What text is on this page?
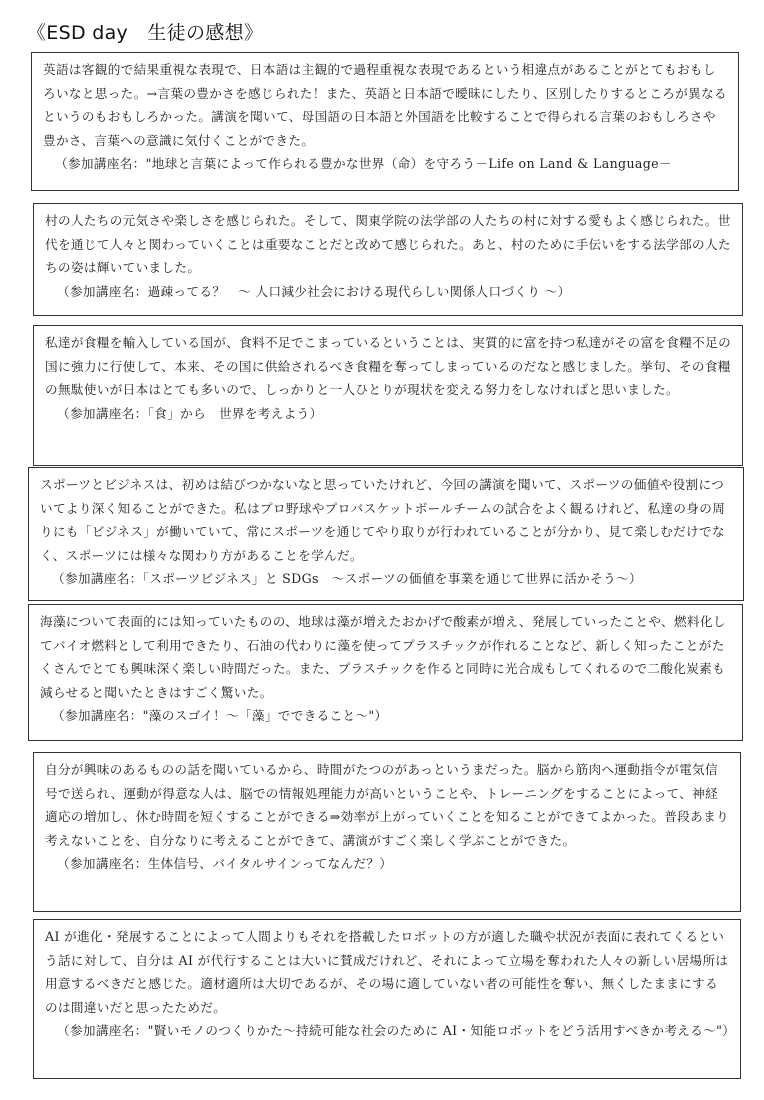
《ESD day　生徒の感想》

英語は客観的で結果重視な表現で、日本語は主観的で過程重視な表現であるという相違点があることがとてもおもしろいなと思った。→言葉の豊かさを感じられた！また、英語と日本語で曖昧にしたり、区別したりするところが異なるというのもおもしろかった。講演を聞いて、母国語の日本語と外国語を比較することで得られる言葉のおもしろさや豊かさ、言葉への意識に気付くことができた。

（参加講座名："地球と言葉によって作られる豊かな世界（命）を守ろう－Life on Land & Language－

村の人たちの元気さや楽しさを感じられた。そして、関東学院の法学部の人たちの村に対する愛もよく感じられた。世代を通じて人々と関わっていくことは重要なことだと改めて感じられた。あと、村のために手伝いをする法学部の人たちの姿は輝いていました。

（参加講座名：過疎ってる？　～ 人口減少社会における現代らしい関係人口づくり ～）

私達が食糧を輸入している国が、食料不足でこまっているということは、実質的に富を持つ私達がその富を食糧不足の国に強力に行使して、本来、その国に供給されるべき食糧を奪ってしまっているのだなと感じました。挙句、その食糧の無駄使いが日本はとても多いので、しっかりと一人ひとりが現状を変える努力をしなければと思いました。

（参加講座名：「食」から　世界を考えよう）

スポーツとビジネスは、初めは結びつかないなと思っていたけれど、今回の講演を聞いて、スポーツの価値や役割についてより深く知ることができた。私はプロ野球やプロバスケットボールチームの試合をよく観るけれど、私達の身の周りにも「ビジネス」が働いていて、常にスポーツを通じてやり取りが行われていることが分かり、見て楽しむだけでなく、スポーツには様々な関わり方があることを学んだ。

（参加講座名：「スポーツビジネス」と SDGs　～スポーツの価値を事業を通じて世界に活かそう～）

海藻について表面的には知っていたものの、地球は藻が増えたおかげで酸素が増え、発展していったことや、燃料化してバイオ燃料として利用できたり、石油の代わりに藻を使ってプラスチックが作れることなど、新しく知ったことがたくさんでとても興味深く楽しい時間だった。また、プラスチックを作ると同時に光合成もしてくれるので二酸化炭素も減らせると聞いたときはすごく驚いた。

（参加講座名："藻のスゴイ！～「藻」でできること～"）

自分が興味のあるものの話を聞いているから、時間がたつのがあっというまだった。脳から筋肉へ運動指令が電気信号で送られ、運動が得意な人は、脳での情報処理能力が高いということや、トレーニングをすることによって、神経適応の増加し、休む時間を短くすることができる⇒効率が上がっていくことを知ることができてよかった。普段あまり考えないことを、自分なりに考えることができて、講演がすごく楽しく学ぶことができた。

（参加講座名：生体信号、バイタルサインってなんだ？）

AI が進化・発展することによって人間よりもそれを搭載したロボットの方が適した職や状況が表面に表れてくるという話に対して、自分は AI が代行することは大いに賛成だけれど、それによって立場を奪われた人々の新しい居場所は用意するべきだと感じた。適材適所は大切であるが、その場に適していない者の可能性を奪い、無くしたままにするのは間違いだと思ったためだ。

（参加講座名："賢いモノのつくりかた～持続可能な社会のために AI・知能ロボットをどう活用すべきか考える～"）
